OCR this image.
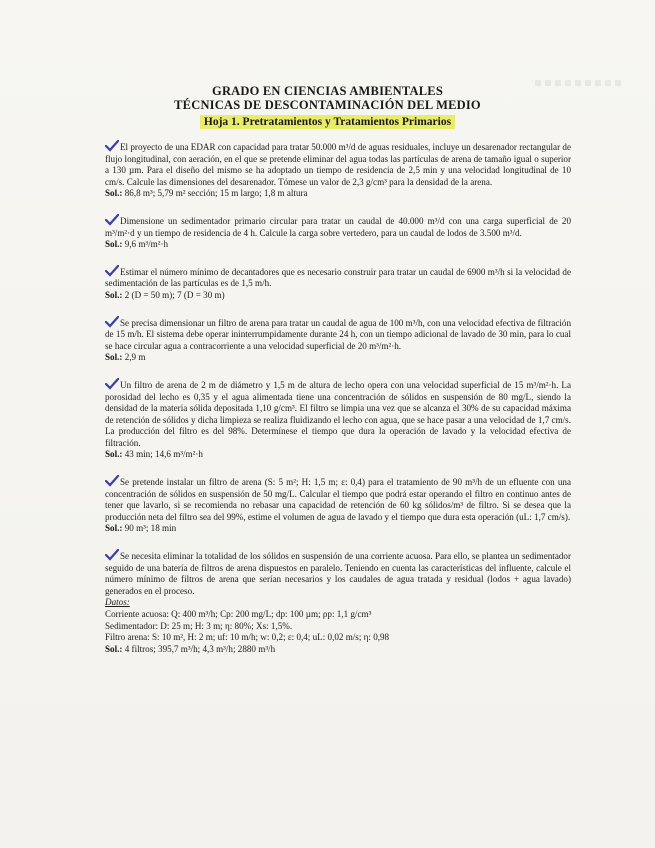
GRADO EN CIENCIAS AMBIENTALES
TÉCNICAS DE DESCONTAMINACIÓN DEL MEDIO
Hoja 1. Pretratamientos y Tratamientos Primarios

El proyecto de una EDAR con capacidad para tratar 50.000 m³/d de aguas residuales, incluye un desarenador rectangular de flujo longitudinal, con aeración, en el que se pretende eliminar del agua todas las partículas de arena de tamaño igual o superior a 130 µm. Para el diseño del mismo se ha adoptado un tiempo de residencia de 2,5 min y una velocidad longitudinal de 10 cm/s. Calcule las dimensiones del desarenador. Tómese un valor de 2,3 g/cm³ para la densidad de la arena.

Sol.: 86,8 m³; 5,79 m² sección; 15 m largo; 1,8 m altura

Dimensione un sedimentador primario circular para tratar un caudal de 40.000 m³/d con una carga superficial de 20 m³/m²·d y un tiempo de residencia de 4 h. Calcule la carga sobre vertedero, para un caudal de lodos de 3.500 m³/d.

Sol.: 9,6 m³/m²·h

Estimar el número mínimo de decantadores que es necesario construir para tratar un caudal de 6900 m³/h si la velocidad de sedimentación de las partículas es de 1,5 m/h.

Sol.: 2 (D = 50 m); 7 (D = 30 m)

Se precisa dimensionar un filtro de arena para tratar un caudal de agua de 100 m³/h, con una velocidad efectiva de filtración de 15 m/h. El sistema debe operar ininterrumpidamente durante 24 h, con un tiempo adicional de lavado de 30 min, para lo cual se hace circular agua a contracorriente a una velocidad superficial de 20 m³/m²·h.

Sol.: 2,9 m

Un filtro de arena de 2 m de diámetro y 1,5 m de altura de lecho opera con una velocidad superficial de 15 m³/m²·h. La porosidad del lecho es 0,35 y el agua alimentada tiene una concentración de sólidos en suspensión de 80 mg/L, siendo la densidad de la materia sólida depositada 1,10 g/cm³. El filtro se limpia una vez que se alcanza el 30% de su capacidad máxima de retención de sólidos y dicha limpieza se realiza fluidizando el lecho con agua, que se hace pasar a una velocidad de 1,7 cm/s. La producción del filtro es del 98%. Determínese el tiempo que dura la operación de lavado y la velocidad efectiva de filtración.

Sol.: 43 min; 14,6 m³/m²·h

Se pretende instalar un filtro de arena (S: 5 m²; H: 1,5 m; ε: 0,4) para el tratamiento de 90 m³/h de un efluente con una concentración de sólidos en suspensión de 50 mg/L. Calcular el tiempo que podrá estar operando el filtro en continuo antes de tener que lavarlo, si se recomienda no rebasar una capacidad de retención de 60 kg sólidos/m³ de filtro. Si se desea que la producción neta del filtro sea del 99%, estime el volumen de agua de lavado y el tiempo que dura esta operación (uL: 1,7 cm/s).

Sol.: 90 m³; 18 min

Se necesita eliminar la totalidad de los sólidos en suspensión de una corriente acuosa. Para ello, se plantea un sedimentador seguido de una batería de filtros de arena dispuestos en paralelo. Teniendo en cuenta las características del influente, calcule el número mínimo de filtros de arena que serían necesarios y los caudales de agua tratada y residual (lodos + agua lavado) generados en el proceso.

Datos:

Corriente acuosa: Q: 400 m³/h; Cp: 200 mg/L; dp: 100 µm; ρp: 1,1 g/cm³

Sedimentador: D: 25 m; H: 3 m; η: 80%; Xs: 1,5%.

Filtro arena: S: 10 m², H: 2 m; uf: 10 m/h; w: 0,2; ε: 0,4; uL: 0,02 m/s; η: 0,98

Sol.: 4 filtros; 395,7 m³/h; 4,3 m³/h; 2880 m³/h
